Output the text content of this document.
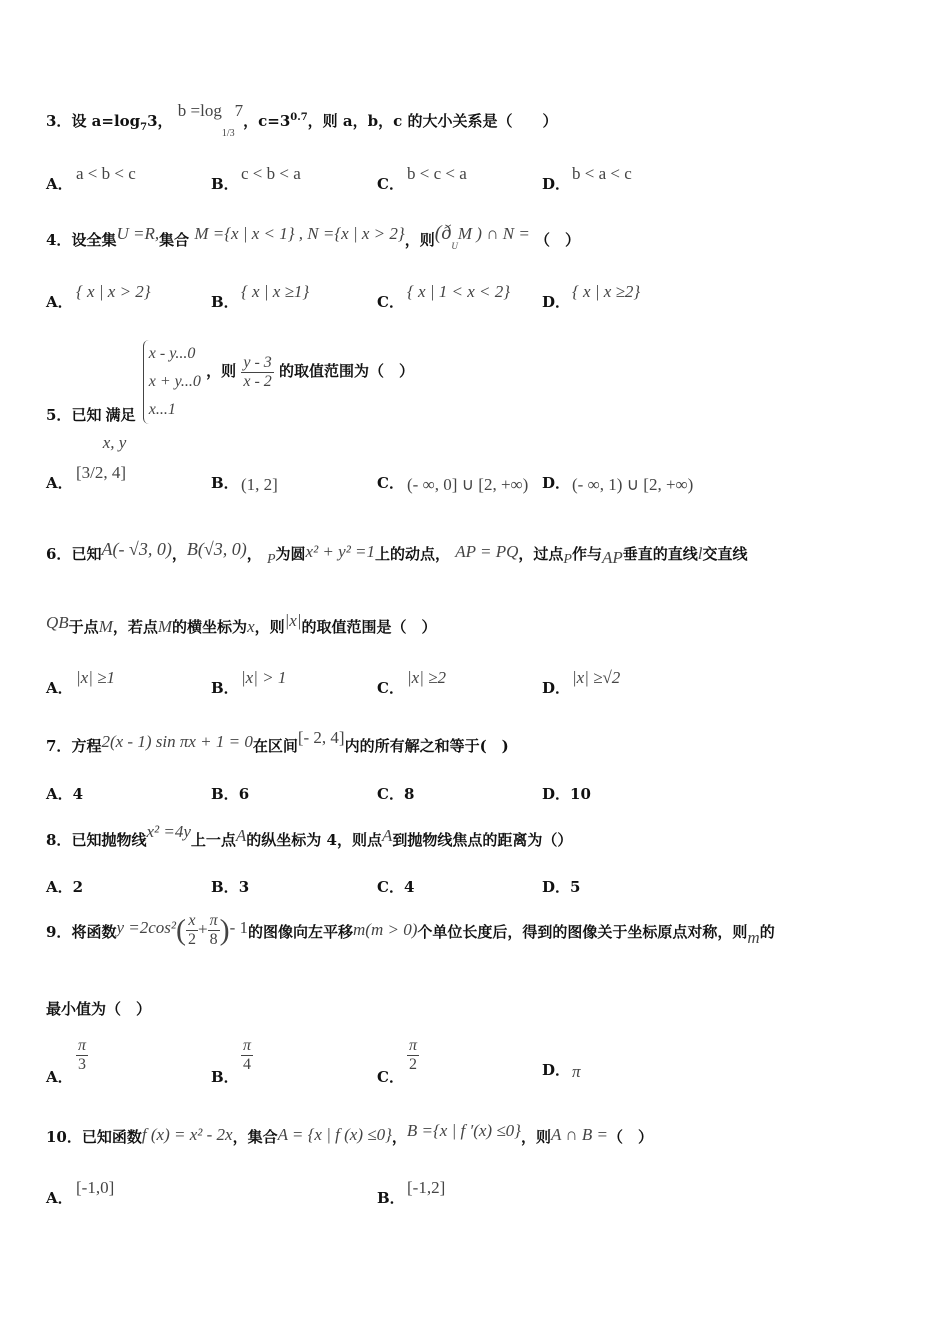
3．设 $a=\log_73$， $b =\log_{1/3}7$，$c=3^{0.7}$，则 a，b，c 的大小关系是（　　）
A．a < b < c
B．c < b < a
C．b < c < a
D．b < a < c
4．设全集U =R,集合 M ={x | x < 1} , N ={x | x > 2}，则($ð_UM$ ) ∩ N = （　）
A．{ x | x > 2}
B．{ x | x ≥1}
C．{ x | 1 < x < 2}
D．{ x | x ≥2}
5．已知 x, y 满足
x - y...0
x + y...0
x...1
，则 $\frac{y - 3}{x - 2}$ 的取值范围为（　）
A．[3/2, 4]
B． (1, 2]	C． (- ∞, 0] ∪ [2, +∞) D． (- ∞, 1) ∪ [2, +∞)
6．已知A(- √3, 0)，B(√3, 0)， P为圆x² + y² =1上的动点， AP = PQ，过点P作与AP垂直的直线l交直线
QB于点M，若点M的横坐标为x，则|x|的取值范围是（　）
A．|x| ≥1
B．|x| > 1
C．|x| ≥2
D．|x| ≥√2
7．方程2(x - 1) sin πx + 1 = 0在区间[- 2, 4]内的所有解之和等于(　)
A．4	B．6	C．8	D．10
8．已知抛物线x² =4y上一点A的纵坐标为 4，则点A到抛物线焦点的距离为（）
A．2	B．3	C．4	D．5
9．将函数$y =2\cos^2( \frac{x}{2} + \frac{\pi}{8}$ )- 1的图像向左平移m(m > 0)个单位长度后，得到的图像关于坐标原点对称，则m的
最小值为（　）
A．
$\frac{\pi}{3}$
B．
$\frac{\pi}{4}$
C．
$\frac{\pi}{2}$	D． π
10．已知函数f (x) = x² - 2x，集合A = {x | f (x) ≤0}，B ={x | f ′(x) ≤0}，则A ∩ B =（　）
A．[-1,0]
B．[-1,2]
